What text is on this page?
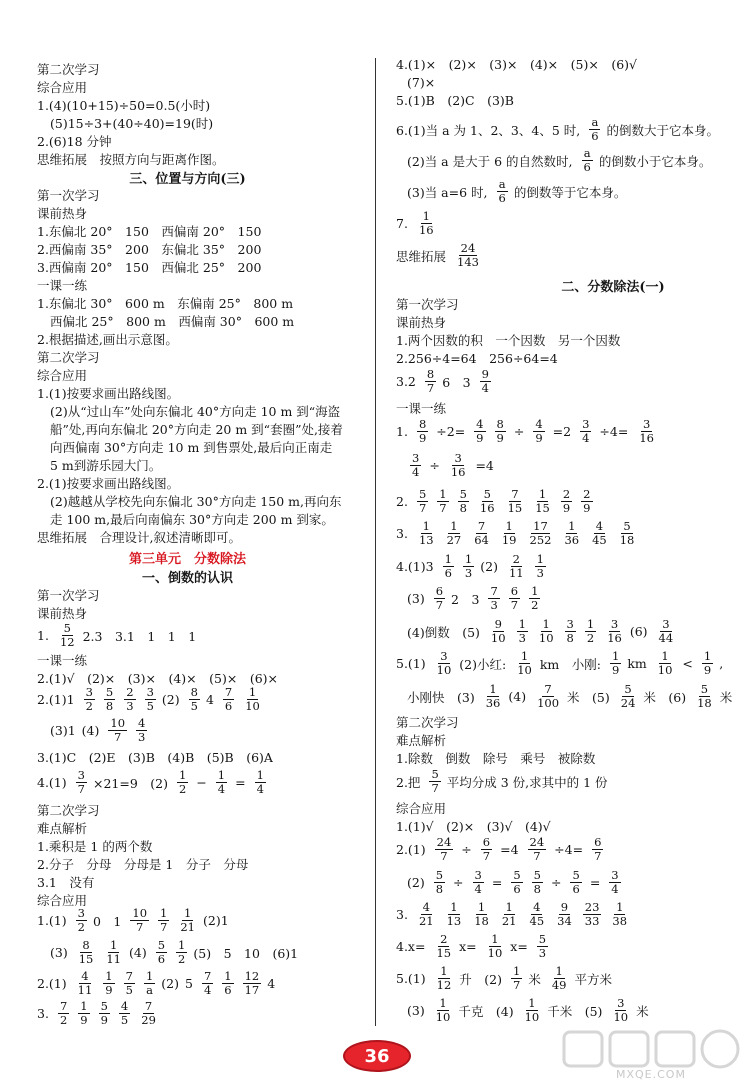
第二次学习
综合应用
1.(4)(10+15)÷50=0.5(小时)
(5)15÷3+(40÷40)=19(时)
2.(6)18 分钟
思维拓展　按照方向与距离作图。
三、位置与方向(三)
第一次学习
课前热身
1.东偏北 20°　150　西偏南 20°　150
2.西偏南 35°　200　东偏北 35°　200
3.西偏南 20°　150　西偏北 25°　200
一课一练
1.东偏北 30°　600 m　东偏南 25°　800 m
西偏北 25°　800 m　西偏南 30°　600 m
2.根据描述,画出示意图。
第二次学习
综合应用
1.(1)按要求画出路线图。
(2)从“过山车”处向东偏北 40°方向走 10 m 到“海盗
船”处,再向东偏北 20°方向走 20 m 到“套圈”处,接着
向西偏南 30°方向走 10 m 到售票处,最后向正南走
5 m到游乐园大门。
2.(1)按要求画出路线图。
(2)越越从学校先向东偏北 30°方向走 150 m,再向东
走 100 m,最后向南偏东 30°方向走 200 m 到家。
思维拓展　合理设计,叙述清晰即可。
第三单元　分数除法
一、倒数的认识
第一次学习
课前热身
1. $\frac{5}{12} 2.3$　3.1　1　1　1
一课一练
2.(1)√　(2)×　(3)×　(4)×　(5)×　(6)×
$2.(1)1 \frac{3}{2} \frac{5}{8} \frac{2}{3} \frac{3}{5} (2) \frac{8}{5} 4 \frac{7}{6} \frac{1}{10}$
(3)1 $(4) \frac{10}{7} \frac{4}{3}$
3.(1)C　(2)E　(3)B　(4)B　(5)B　(6)A
$4.(1) \frac{3}{7} \times 21=9$　$(2) \frac{1}{2} - \frac{1}{4} = \frac{1}{4}$
第二次学习
难点解析
1.乘积是 1 的两个数
2.分子　分母　分母是 1　分子　分母
3.1　没有
综合应用
$1.(1) \frac{3}{2} 0$　$1 \frac{10}{7} \frac{1}{7} \frac{1}{21} (2)1$
$(3) \frac{8}{15} \frac{1}{11} (4) \frac{5}{6} \frac{1}{2} (5)$　5　10　(6)1
$2.(1) \frac{4}{11} \frac{1}{9} \frac{7}{5} \frac{1}{a} (2)$ $5 \frac{7}{4} \frac{1}{6} \frac{12}{17} 4$
3. $\frac{7}{2} \frac{1}{9} \frac{5}{9} \frac{4}{5} \frac{7}{29}$
4.(1)×　(2)×　(3)×　(4)×　(5)×　(6)√
(7)×
5.(1)B　(2)C　(3)B
6.(1)当 a 为 1、2、3、4、5 时, $\frac{a}{6}$ 的倒数大于它本身。
(2)当 a 是大于 6 的自然数时, $\frac{a}{6}$ 的倒数小于它本身。
(3)当 a=6 时, $\frac{a}{6}$ 的倒数等于它本身。
7. $\frac{1}{16}$
思维拓展 $\frac{24}{143}$
二、分数除法(一)
第一次学习
课前热身
1.两个因数的积　一个因数　另一个因数
2.256÷4=64　256÷64=4
$3.2 \frac{8}{7} 6$　$3 \frac{9}{4}$
一课一练
1. $\frac{8}{9} \div 2= \frac{4}{9} \frac{8}{9} \div \frac{4}{9} =2 \frac{3}{4} \div 4= \frac{3}{16}$
$\frac{3}{4} \div \frac{3}{16} =4$
2. $\frac{5}{7} \frac{1}{7} \frac{5}{8} \frac{5}{16} \frac{7}{15} \frac{1}{15} \frac{2}{9} \frac{2}{9}$
3. $\frac{1}{13} \frac{1}{27} \frac{7}{64} \frac{1}{19} \frac{17}{252} \frac{1}{36} \frac{4}{45} \frac{5}{18}$
$4.(1)3 \frac{1}{6} \frac{1}{3} (2) \frac{2}{11} \frac{1}{3}$
$(3) \frac{6}{7} 2$　$3 \frac{7}{3} \frac{6}{7} \frac{1}{2}$
(4)倒数　$(5) \frac{9}{10} \frac{1}{3} \frac{1}{10} \frac{3}{8} \frac{1}{2} \frac{3}{16} (6) \frac{3}{44}$
$5.(1) \frac{3}{10} (2)$小红: $\frac{1}{10}$ km　小刚: $\frac{1}{9}$ km $\frac{1}{10} < \frac{1}{9}$ ,
小刚快　$(3) \frac{1}{36} (4) \frac{7}{100}$ 米　$(5) \frac{5}{24}$ 米　$(6) \frac{5}{18}$ 米
第二次学习
难点解析
1.除数　倒数　除号　乘号　被除数
2.把 $\frac{5}{7}$ 平均分成 3 份,求其中的 1 份
综合应用
1.(1)√　(2)×　(3)√　(4)√
$2.(1) \frac{24}{7} \div \frac{6}{7} =4 \frac{24}{7} \div 4= \frac{6}{7}$
$(2) \frac{5}{8} \div \frac{3}{4} = \frac{5}{6} \frac{5}{8} \div \frac{5}{6} = \frac{3}{4}$
3. $\frac{4}{21} \frac{1}{13} \frac{1}{18} \frac{1}{21} \frac{4}{45} \frac{9}{34} \frac{23}{33} \frac{1}{38}$
$4.x= \frac{2}{15} x= \frac{1}{10} x= \frac{5}{3}$
$5.(1) \frac{1}{12}$ 升　$(2) \frac{1}{7}$ 米 $\frac{1}{49}$ 平方米
$(3) \frac{1}{10}$ 千克　$(4) \frac{1}{10}$ 千米　$(5) \frac{3}{10}$ 米
36
MXQE.COM
